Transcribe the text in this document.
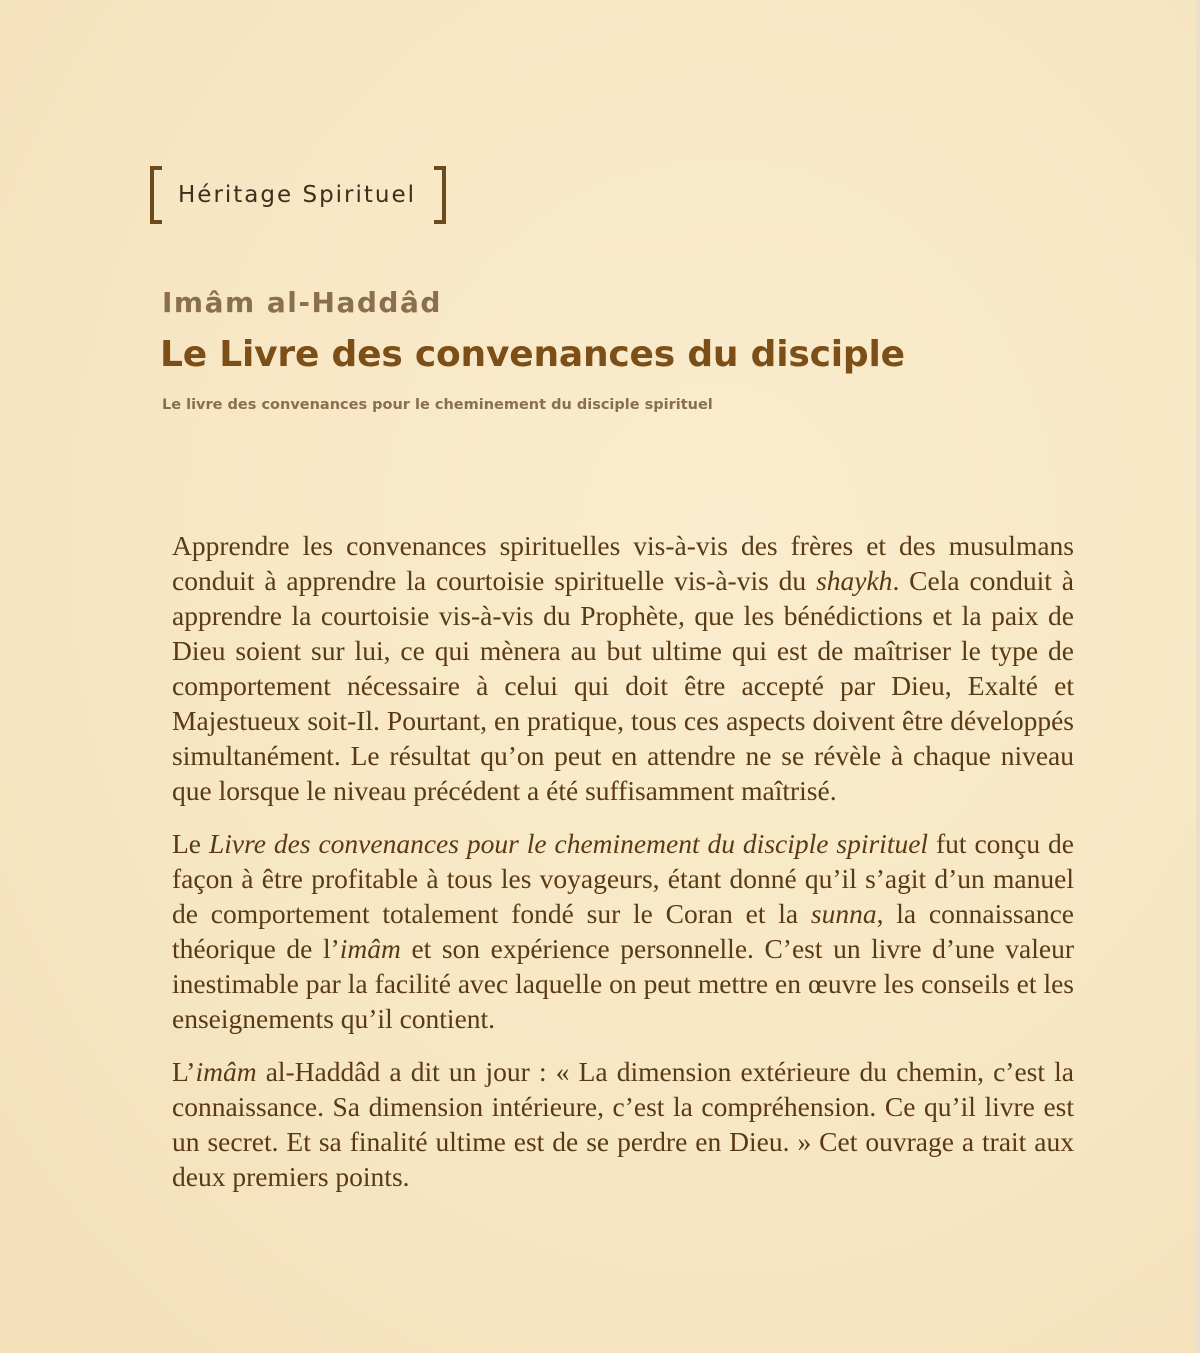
Héritage Spirituel
Imâm al-Haddâd
Le Livre des convenances du disciple
Le livre des convenances pour le cheminement du disciple spirituel

Apprendre les convenances spirituelles vis-à-vis des frères et des musulmans conduit à apprendre la courtoisie spirituelle vis-à-vis du shaykh. Cela conduit à apprendre la courtoisie vis-à-vis du Prophète, que les bénédictions et la paix de Dieu soient sur lui, ce qui mènera au but ultime qui est de maîtriser le type de comportement nécessaire à celui qui doit être accepté par Dieu, Exalté et Majestueux soit-Il. Pourtant, en pratique, tous ces aspects doivent être développés simultanément. Le résultat qu’on peut en attendre ne se révèle à chaque niveau que lorsque le niveau précédent a été suffisamment maîtrisé.

Le Livre des convenances pour le cheminement du disciple spirituel fut conçu de façon à être profitable à tous les voyageurs, étant donné qu’il s’agit d’un manuel de comportement totalement fondé sur le Coran et la sunna, la connaissance théorique de l’imâm et son expérience personnelle. C’est un livre d’une valeur inestimable par la facilité avec laquelle on peut mettre en œuvre les conseils et les enseignements qu’il contient.

L’imâm al-Haddâd a dit un jour : « La dimension extérieure du chemin, c’est la connaissance. Sa dimension intérieure, c’est la compréhension. Ce qu’il livre est un secret. Et sa finalité ultime est de se perdre en Dieu. » Cet ouvrage a trait aux deux premiers points.
